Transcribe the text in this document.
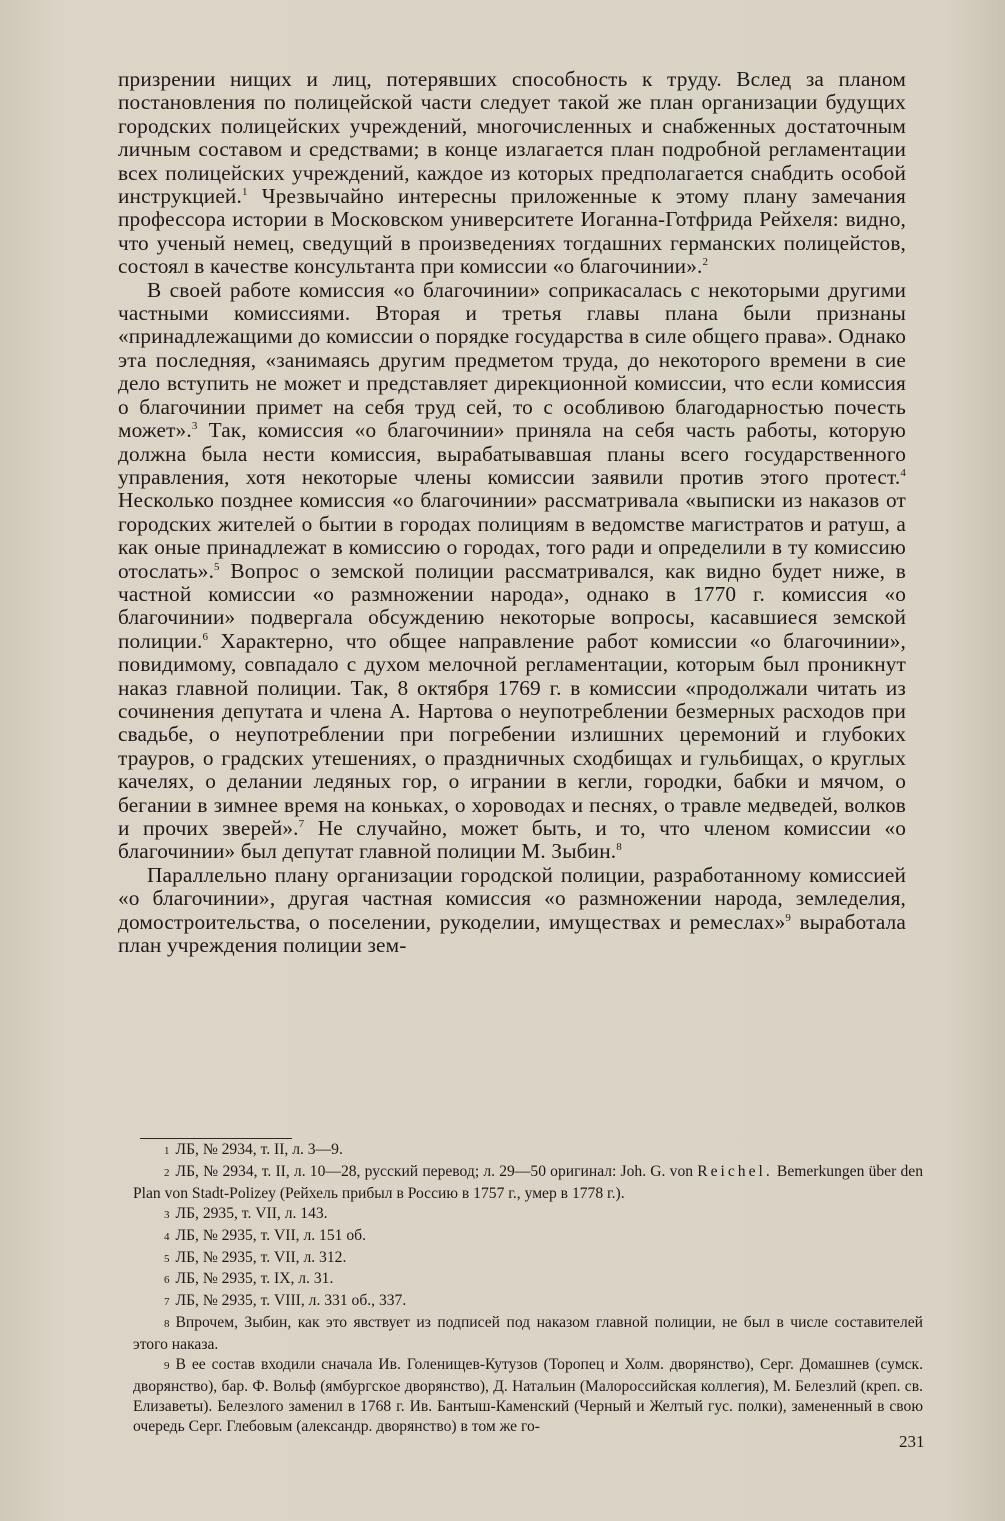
призрении нищих и лиц, потерявших способность к труду. Вслед за планом постановления по полицейской части следует такой же план организации будущих городских полицейских учреждений, многочисленных и снабженных достаточным личным составом и средствами; в конце излагается план подробной регламентации всех полицейских учреждений, каждое из которых предполагается снабдить особой инструкцией.$^1$ Чрезвычайно интересны приложенные к этому плану замечания профессора истории в Московском университете Иоганна-Готфрида Рейхеля: видно, что ученый немец, сведущий в произведениях тогдашних германских полицейстов, состоял в качестве консультанта при комиссии «о благочинии».$^2$

В своей работе комиссия «о благочинии» соприкасалась с некоторыми другими частными комиссиями. Вторая и третья главы плана были признаны «принадлежащими до комиссии о порядке государства в силе общего права». Однако эта последняя, «занимаясь другим предметом труда, до некоторого времени в сие дело вступить не может и представляет дирекционной комиссии, что если комиссия о благочинии примет на себя труд сей, то с особливою благодарностью почесть может».$^3$ Так, комиссия «о благочинии» приняла на себя часть работы, которую должна была нести комиссия, вырабатывавшая планы всего государственного управления, хотя некоторые члены комиссии заявили против этого протест.$^4$ Несколько позднее комиссия «о благочинии» рассматривала «выписки из наказов от городских жителей о бытии в городах полициям в ведомстве магистратов и ратуш, а как оные принадлежат в комиссию о городах, того ради и определили в ту комиссию отослать».$^5$ Вопрос о земской полиции рассматривался, как видно будет ниже, в частной комиссии «о размножении народа», однако в 1770 г. комиссия «о благочинии» подвергала обсуждению некоторые вопросы, касавшиеся земской полиции.$^6$ Характерно, что общее направление работ комиссии «о благочинии», повидимому, совпадало с духом мелочной регламентации, которым был проникнут наказ главной полиции. Так, 8 октября 1769 г. в комиссии «продолжали читать из сочинения депутата и члена А. Нартова о неупотреблении безмерных расходов при свадьбе, о неупотреблении при погребении излишних церемоний и глубоких трауров, о градских утешениях, о праздничных сходбищах и гульбищах, о круглых качелях, о делании ледяных гор, о игрании в кегли, городки, бабки и мячом, о бегании в зимнее время на коньках, о хороводах и песнях, о травле медведей, волков и прочих зверей».$^7$ Не случайно, может быть, и то, что членом комиссии «о благочинии» был депутат главной полиции М. Зыбин.$^8$

Параллельно плану организации городской полиции, разработанному комиссией «о благочинии», другая частная комиссия «о размножении народа, земледелия, домостроительства, о поселении, рукоделии, имуществах и ремеслах»$^9$ выработала план учреждения полиции зем-

1 ЛБ, № 2934, т. II, л. 3—9.

2 ЛБ, № 2934, т. II, л. 10—28, русский перевод; л. 29—50 оригинал: Joh. G. von Reichel. Bemerkungen über den Plan von Stadt-Polizey (Рейхель прибыл в Россию в 1757 г., умер в 1778 г.).

3 ЛБ, 2935, т. VII, л. 143.

4 ЛБ, № 2935, т. VII, л. 151 об.

5 ЛБ, № 2935, т. VII, л. 312.

6 ЛБ, № 2935, т. IX, л. 31.

7 ЛБ, № 2935, т. VIII, л. 331 об., 337.

8 Впрочем, Зыбин, как это явствует из подписей под наказом главной полиции, не был в числе составителей этого наказа.

9 В ее состав входили сначала Ив. Голенищев-Кутузов (Торопец и Холм. дворянство), Серг. Домашнев (сумск. дворянство), бар. Ф. Вольф (ямбургское дворянство), Д. Натальин (Малороссийская коллегия), М. Белезлий (креп. св. Елизаветы). Белезлого заменил в 1768 г. Ив. Бантыш-Каменский (Черный и Желтый гус. полки), замененный в свою очередь Серг. Глебовым (александр. дворянство) в том же го-

231
